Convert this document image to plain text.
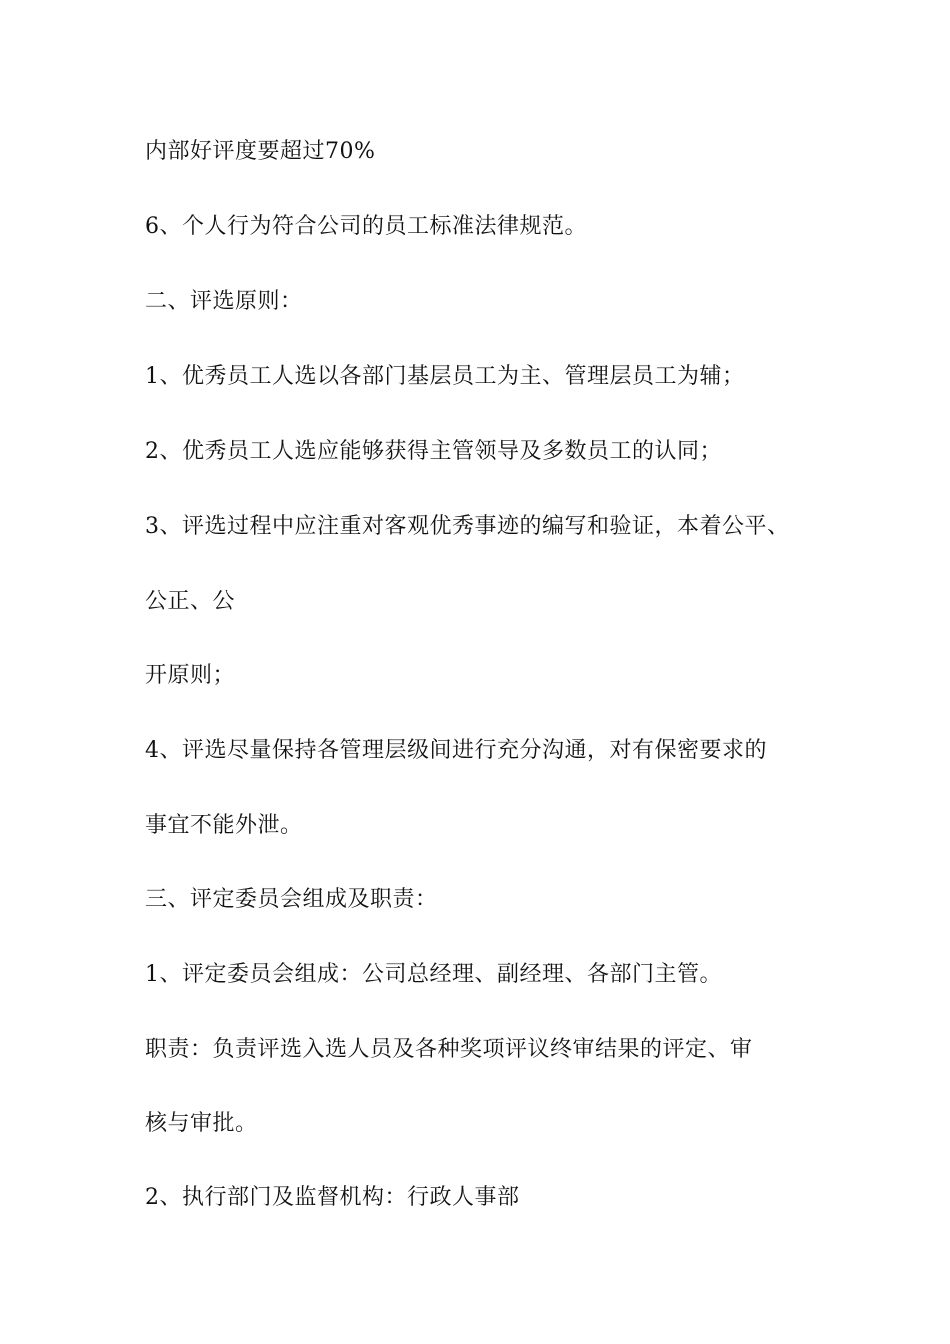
内部好评度要超过70%

6、个人行为符合公司的员工标准法律规范。

二、评选原则：

1、优秀员工人选以各部门基层员工为主、管理层员工为辅；

2、优秀员工人选应能够获得主管领导及多数员工的认同；

3、评选过程中应注重对客观优秀事迹的编写和验证，本着公平、

公正、公

开原则；

4、评选尽量保持各管理层级间进行充分沟通，对有保密要求的

事宜不能外泄。

三、评定委员会组成及职责：

1、评定委员会组成：公司总经理、副经理、各部门主管。

职责：负责评选入选人员及各种奖项评议终审结果的评定、审

核与审批。

2、执行部门及监督机构：行政人事部
